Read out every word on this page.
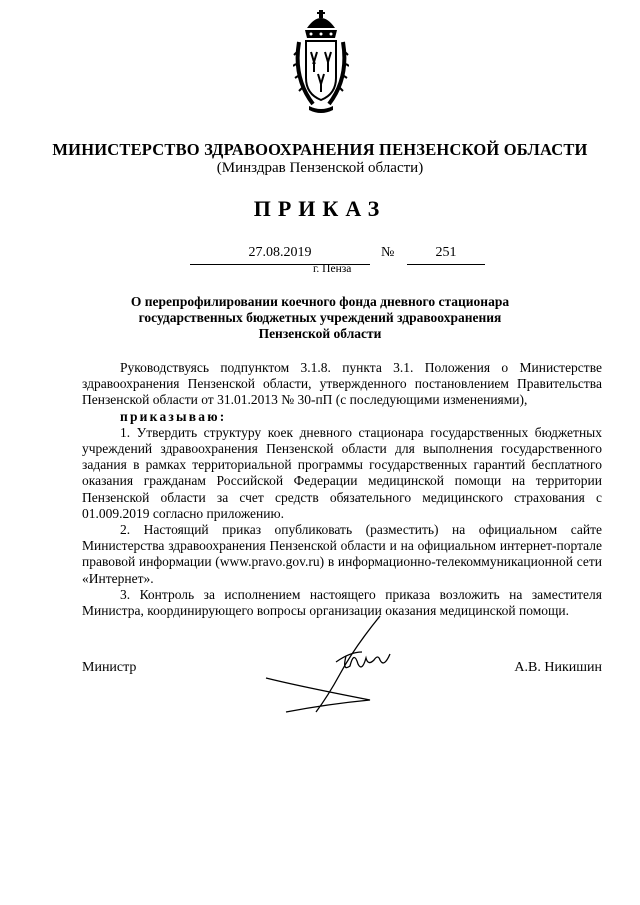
МИНИСТЕРСТВО ЗДРАВООХРАНЕНИЯ ПЕНЗЕНСКОЙ ОБЛАСТИ
(Минздрав Пензенской области)
ПРИКАЗ
27.08.2019	№	251
г. Пенза
О перепрофилировании коечного фонда дневного стационара
государственных бюджетных учреждений здравоохранения
Пензенской области

Руководствуясь подпунктом 3.1.8. пункта 3.1. Положения о Министерстве здравоохранения Пензенской области, утвержденного постановлением Правительства Пензенской области от 31.01.2013 № 30-пП (с последующими изменениями),

приказываю:

1. Утвердить структуру коек дневного стационара государственных бюджетных учреждений здравоохранения Пензенской области для выполнения государственного задания в рамках территориальной программы государственных гарантий бесплатного оказания гражданам Российской Федерации медицинской помощи на территории Пензенской области за счет средств обязательного медицинского страхования с 01.009.2019 согласно приложению.

2. Настоящий приказ опубликовать (разместить) на официальном сайте Министерства здравоохранения Пензенской области и на официальном интернет-портале правовой информации (www.pravo.gov.ru) в информационно-телекоммуникационной сети «Интернет».

3. Контроль за исполнением настоящего приказа возложить на заместителя Министра, координирующего вопросы организации оказания медицинской помощи.

Министр	А.В. Никишин
